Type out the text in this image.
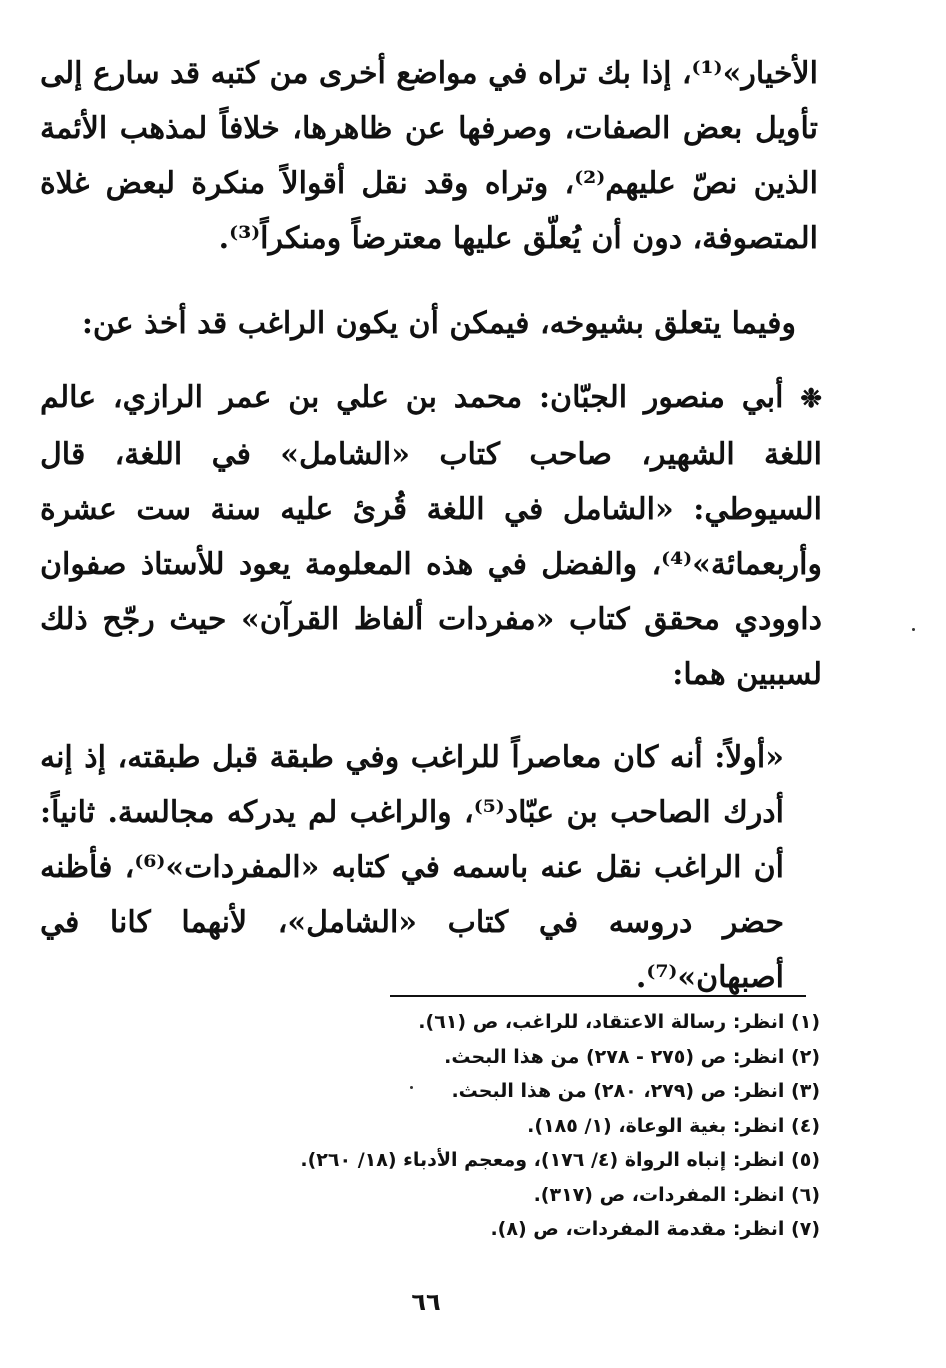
الأخيار»⁽¹⁾، إذا بك تراه في مواضع أخرى من كتبه قد سارع إلى تأويل بعض الصفات، وصرفها عن ظاهرها، خلافاً لمذهب الأئمة الذين نصّ عليهم⁽²⁾، وتراه وقد نقل أقوالاً منكرة لبعض غلاة المتصوفة، دون أن يُعلّق عليها معترضاً ومنكراً⁽³⁾.

وفيما يتعلق بشيوخه، فيمكن أن يكون الراغب قد أخذ عن:

❉ أبي منصور الجبّان: محمد بن علي بن عمر الرازي، عالم اللغة الشهير، صاحب كتاب «الشامل» في اللغة، قال السيوطي: «الشامل في اللغة قُرئ عليه سنة ست عشرة وأربعمائة»⁽⁴⁾، والفضل في هذه المعلومة يعود للأستاذ صفوان داوودي محقق كتاب «مفردات ألفاظ القرآن» حيث رجّح ذلك لسببين هما:

«أولاً: أنه كان معاصراً للراغب وفي طبقة قبل طبقته، إذ إنه أدرك الصاحب بن عبّاد⁽⁵⁾، والراغب لم يدركه مجالسة. ثانياً: أن الراغب نقل عنه باسمه في كتابه «المفردات»⁽⁶⁾، فأظنه حضر دروسه في كتاب «الشامل»، لأنهما كانا في أصبهان»⁽⁷⁾.

(١) انظر: رسالة الاعتقاد، للراغب، ص (٦١).
(٢) انظر: ص (٢٧٥ - ٢٧٨) من هذا البحث.
(٣) انظر: ص (٢٧٩، ٢٨٠) من هذا البحث.
(٤) انظر: بغية الوعاة، (١/ ١٨٥).
(٥) انظر: إنباه الرواة (٤/ ١٧٦)، ومعجم الأدباء (١٨/ ٢٦٠).
(٦) انظر: المفردات، ص (٣١٧).
(٧) انظر: مقدمة المفردات، ص (٨).
٦٦
